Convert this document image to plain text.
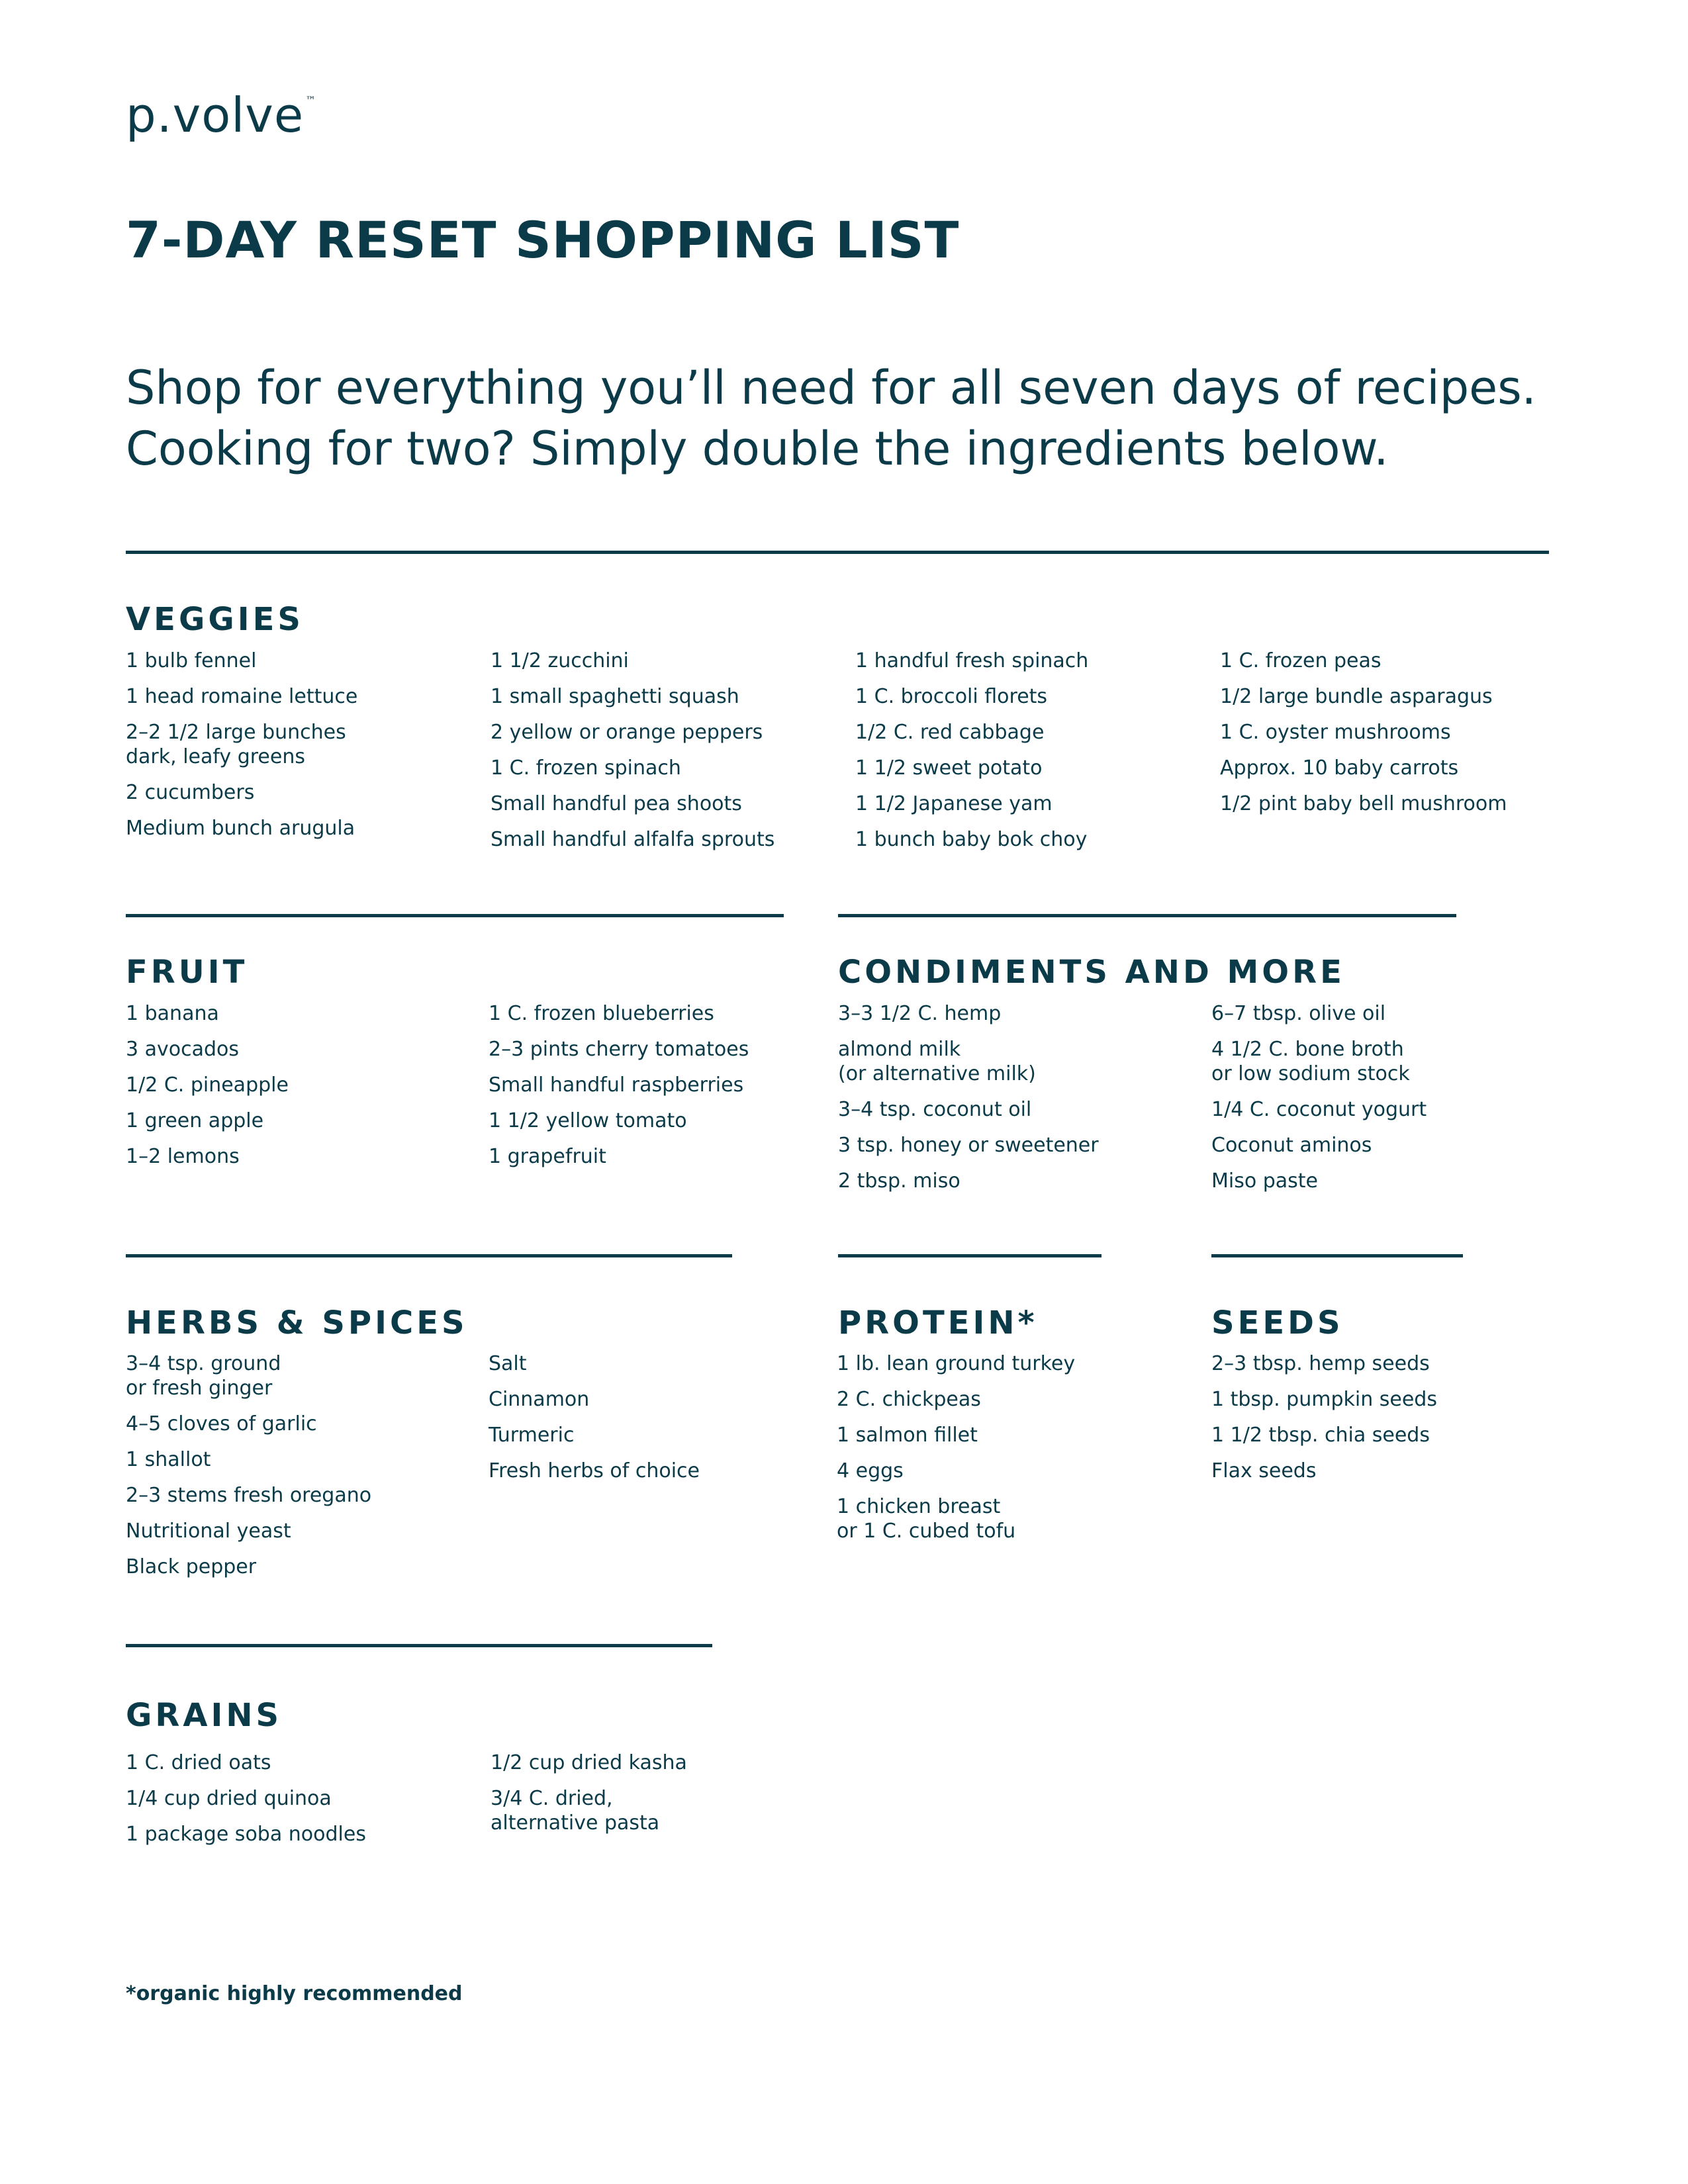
p.volve ™
7-DAY RESET SHOPPING LIST

Shop for everything you’ll need for all seven days of recipes.
Cooking for two? Simply double the ingredients below.

VEGGIES
1 bulb fennel
1 head romaine lettuce
2–2 1/2 large bunches
dark, leafy greens
2 cucumbers
Medium bunch arugula
1 1/2 zucchini
1 small spaghetti squash
2 yellow or orange peppers
1 C. frozen spinach
Small handful pea shoots
Small handful alfalfa sprouts
1 handful fresh spinach
1 C. broccoli florets
1/2 C. red cabbage
1 1/2 sweet potato
1 1/2 Japanese yam
1 bunch baby bok choy
1 C. frozen peas
1/2 large bundle asparagus
1 C. oyster mushrooms
Approx. 10 baby carrots
1/2 pint baby bell mushroom
FRUIT
1 banana
3 avocados
1/2 C. pineapple
1 green apple
1–2 lemons
1 C. frozen blueberries
2–3 pints cherry tomatoes
Small handful raspberries
1 1/2 yellow tomato
1 grapefruit
CONDIMENTS AND MORE
3–3 1/2 C. hemp
almond milk
(or alternative milk)
3–4 tsp. coconut oil
3 tsp. honey or sweetener
2 tbsp. miso
6–7 tbsp. olive oil
4 1/2 C. bone broth
or low sodium stock
1/4 C. coconut yogurt
Coconut aminos
Miso paste
HERBS & SPICES
3–4 tsp. ground
or fresh ginger
4–5 cloves of garlic
1 shallot
2–3 stems fresh oregano
Nutritional yeast
Black pepper
Salt
Cinnamon
Turmeric
Fresh herbs of choice
PROTEIN*
1 lb. lean ground turkey
2 C. chickpeas
1 salmon fillet
4 eggs
1 chicken breast
or 1 C. cubed tofu
SEEDS
2–3 tbsp. hemp seeds
1 tbsp. pumpkin seeds
1 1/2 tbsp. chia seeds
Flax seeds
GRAINS
1 C. dried oats
1/4 cup dried quinoa
1 package soba noodles
1/2 cup dried kasha
3/4 C. dried,
alternative pasta
*organic highly recommended
